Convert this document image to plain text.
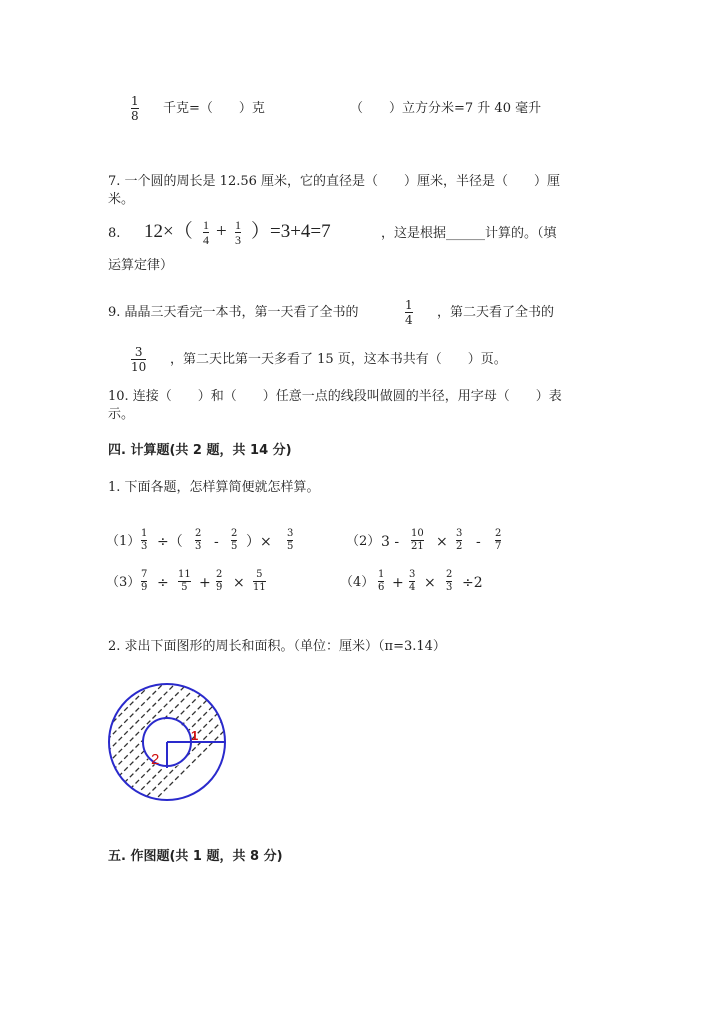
1
8 千克=（　　）克	（　　）立方分米=7 升 40 毫升
7. 一个圆的周长是 12.56 厘米，它的直径是（　　）厘米，半径是（　　）厘
米。
8. 12×（ 1
4 + 1
3 ）=3+4=7	，这是根据______计算的。（填
运算定律）
9. 晶晶三天看完一本书，第一天看了全书的	1
4 ，第二天看了全书的
3
10 ，第二天比第一天多看了 15 页，这本书共有（　　）页。
10. 连接（　　）和（　　）任意一点的线段叫做圆的半径，用字母（　　）表
示。
四. 计算题(共 2 题，共 14 分)
1. 下面各题，怎样算简便就怎样算。
（1）
1
3 ÷（
2
3 -
2
5 ）×
3
5	（2） 3 -
10
21 ×
3
2 -
2
7
（3）
7
9 ÷
11
5 +
2
9 ×
5
11	（4）
1
6 +
3
4 ×
2
3 ÷2
2. 求出下面图形的周长和面积。（单位：厘米）（π=3.14）
2
1
五. 作图题(共 1 题，共 8 分)
